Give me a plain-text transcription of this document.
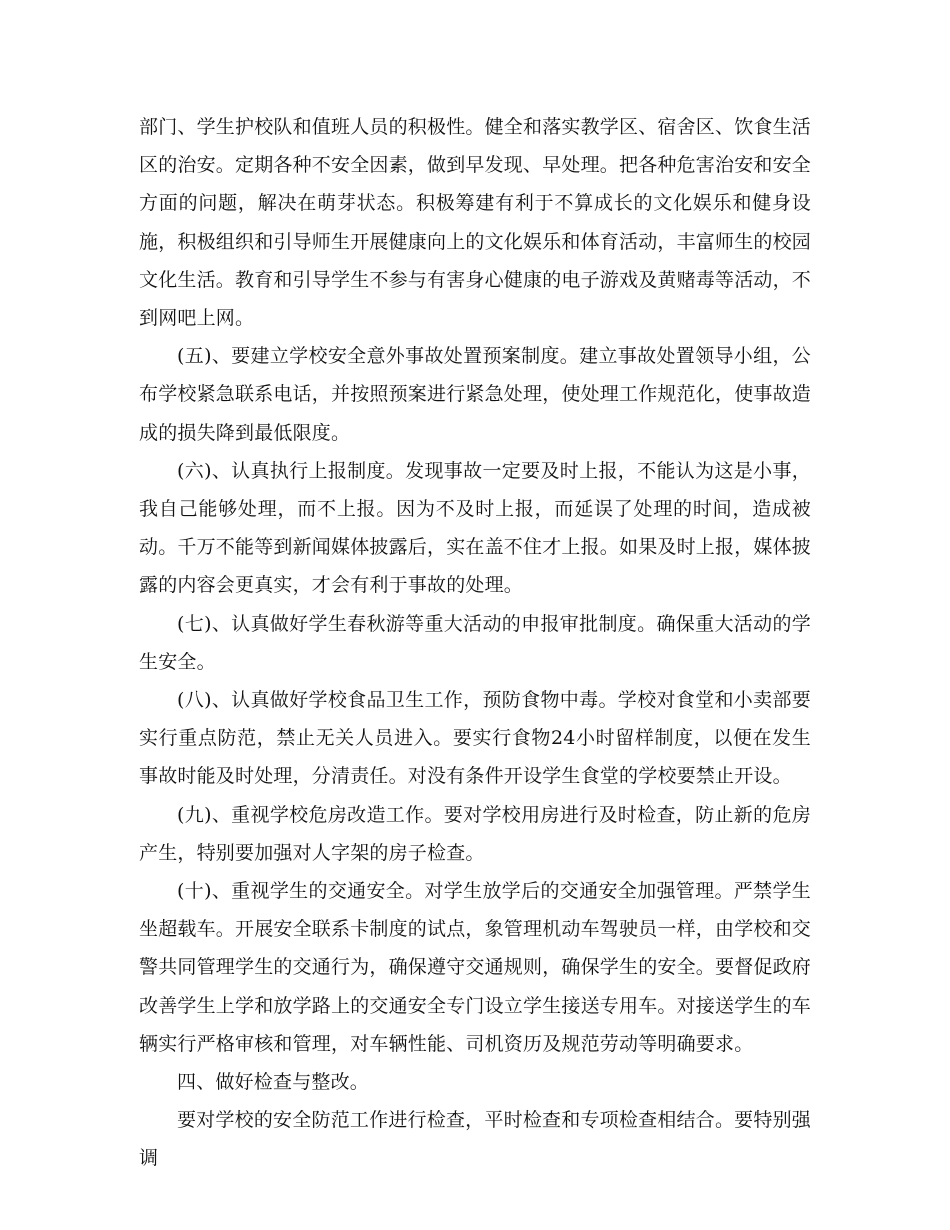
部门、学生护校队和值班人员的积极性。健全和落实教学区、宿舍区、饮食生活区的治安。定期各种不安全因素，做到早发现、早处理。把各种危害治安和安全方面的问题，解决在萌芽状态。积极筹建有利于不算成长的文化娱乐和健身设施，积极组织和引导师生开展健康向上的文化娱乐和体育活动，丰富师生的校园文化生活。教育和引导学生不参与有害身心健康的电子游戏及黄赌毒等活动，不到网吧上网。

(五)、要建立学校安全意外事故处置预案制度。建立事故处置领导小组，公布学校紧急联系电话，并按照预案进行紧急处理，使处理工作规范化，使事故造成的损失降到最低限度。

(六)、认真执行上报制度。发现事故一定要及时上报，不能认为这是小事，我自己能够处理，而不上报。因为不及时上报，而延误了处理的时间，造成被动。千万不能等到新闻媒体披露后，实在盖不住才上报。如果及时上报，媒体披露的内容会更真实，才会有利于事故的处理。

(七)、认真做好学生春秋游等重大活动的申报审批制度。确保重大活动的学生安全。

(八)、认真做好学校食品卫生工作，预防食物中毒。学校对食堂和小卖部要实行重点防范，禁止无关人员进入。要实行食物24小时留样制度，以便在发生事故时能及时处理，分清责任。对没有条件开设学生食堂的学校要禁止开设。

(九)、重视学校危房改造工作。要对学校用房进行及时检查，防止新的危房产生，特别要加强对人字架的房子检查。

(十)、重视学生的交通安全。对学生放学后的交通安全加强管理。严禁学生坐超载车。开展安全联系卡制度的试点，象管理机动车驾驶员一样，由学校和交警共同管理学生的交通行为，确保遵守交通规则，确保学生的安全。要督促政府改善学生上学和放学路上的交通安全专门设立学生接送专用车。对接送学生的车辆实行严格审核和管理，对车辆性能、司机资历及规范劳动等明确要求。

四、做好检查与整改。

要对学校的安全防范工作进行检查，平时检查和专项检查相结合。要特别强调
